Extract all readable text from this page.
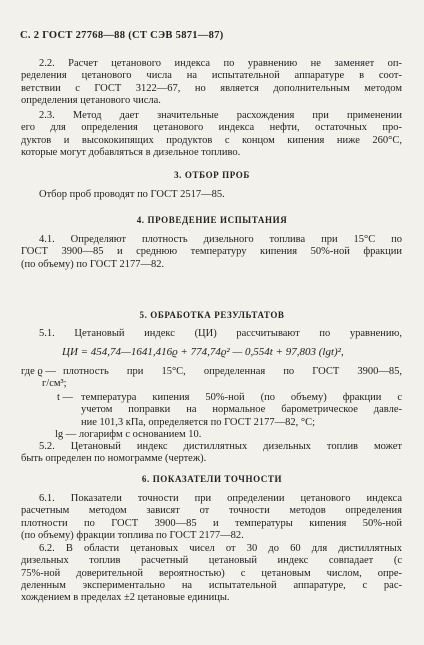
С. 2 ГОСТ 27768—88 (СТ СЭВ 5871—87)
2.2. Расчет цетанового индекса по уравнению не заменяет оп-
ределения цетанового числа на испытательной аппаратуре в соот-
ветствии с ГОСТ 3122—67, но является дополнительным методом
определения цетанового числа.
2.3. Метод дает значительные расхождения при применении
его для определения цетанового индекса нефти, остаточных про-
дуктов и высококипящих продуктов с концом кипения ниже 260°С,
которые могут добавляться в дизельное топливо.
3. ОТБОР ПРОБ
Отбор проб проводят по ГОСТ 2517—85.
4. ПРОВЕДЕНИЕ ИСПЫТАНИЯ
4.1. Определяют плотность дизельного топлива при 15°С по
ГОСТ 3900—85 и среднюю температуру кипения 50%-ной фракции
(по объему) по ГОСТ 2177—82.
5. ОБРАБОТКА РЕЗУЛЬТАТОВ
5.1. Цетановый индекс (ЦИ) рассчитывают по уравнению,
ЦИ = 454,74—1641,416ϱ + 774,74ϱ² — 0,554t + 97,803 (lgt)²,
где ϱ — плотность при 15°С, определенная по ГОСТ 3900—85,
г/см³;
t — температура кипения 50%-ной (по объему) фракции с
учетом поправки на нормальное барометрическое давле-
ние 101,3 кПа, определяется по ГОСТ 2177—82, °С;
lg — логарифм с основанием 10.
5.2. Цетановый индекс дистиллятных дизельных топлив может
быть определен по номограмме (чертеж).
6. ПОКАЗАТЕЛИ ТОЧНОСТИ
6.1. Показатели точности при определении цетанового индекса
расчетным методом зависят от точности методов определения
плотности по ГОСТ 3900—85 и температуры кипения 50%-ной
(по объему) фракции топлива по ГОСТ 2177—82.
6.2. В области цетановых чисел от 30 до 60 для дистиллятных
дизельных топлив расчетный цетановый индекс совпадает (с
75%-ной доверительной вероятностью) с цетановым числом, опре-
деленным экспериментально на испытательной аппаратуре, с рас-
хождением в пределах ±2 цетановые единицы.
